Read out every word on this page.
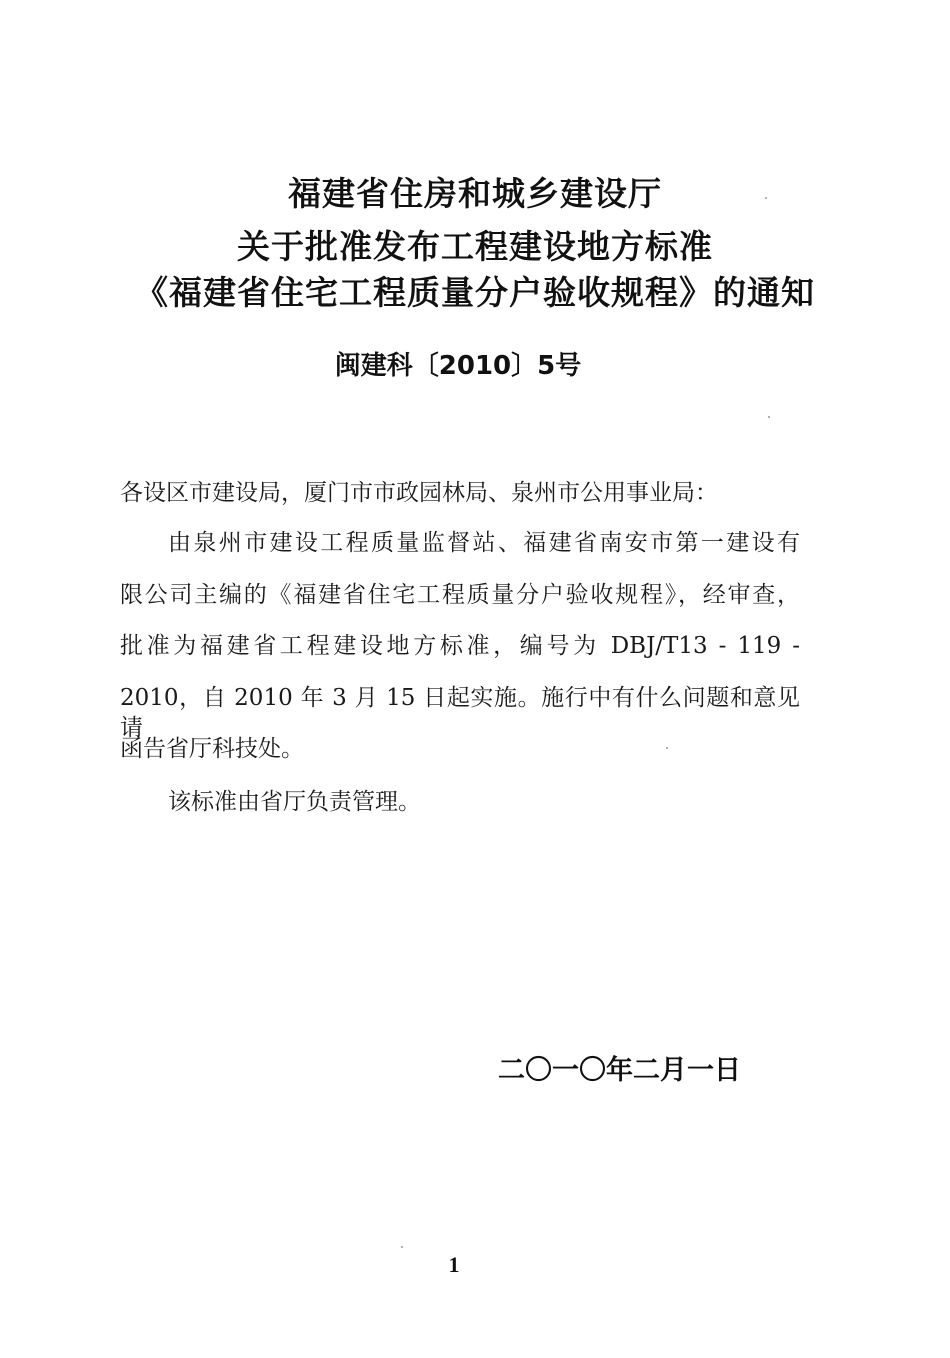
福建省住房和城乡建设厅
关于批准发布工程建设地方标准
《福建省住宅工程质量分户验收规程》的通知
闽建科〔2010〕5号
各设区市建设局，厦门市市政园林局、泉州市公用事业局：
由泉州市建设工程质量监督站、福建省南安市第一建设有
限公司主编的《福建省住宅工程质量分户验收规程》，经审查，
批准为福建省工程建设地方标准，编号为 DBJ/T13 - 119 -
2010，自 2010 年 3 月 15 日起实施。施行中有什么问题和意见请
函告省厅科技处。
该标准由省厅负责管理。
二〇一〇年二月一日
1
